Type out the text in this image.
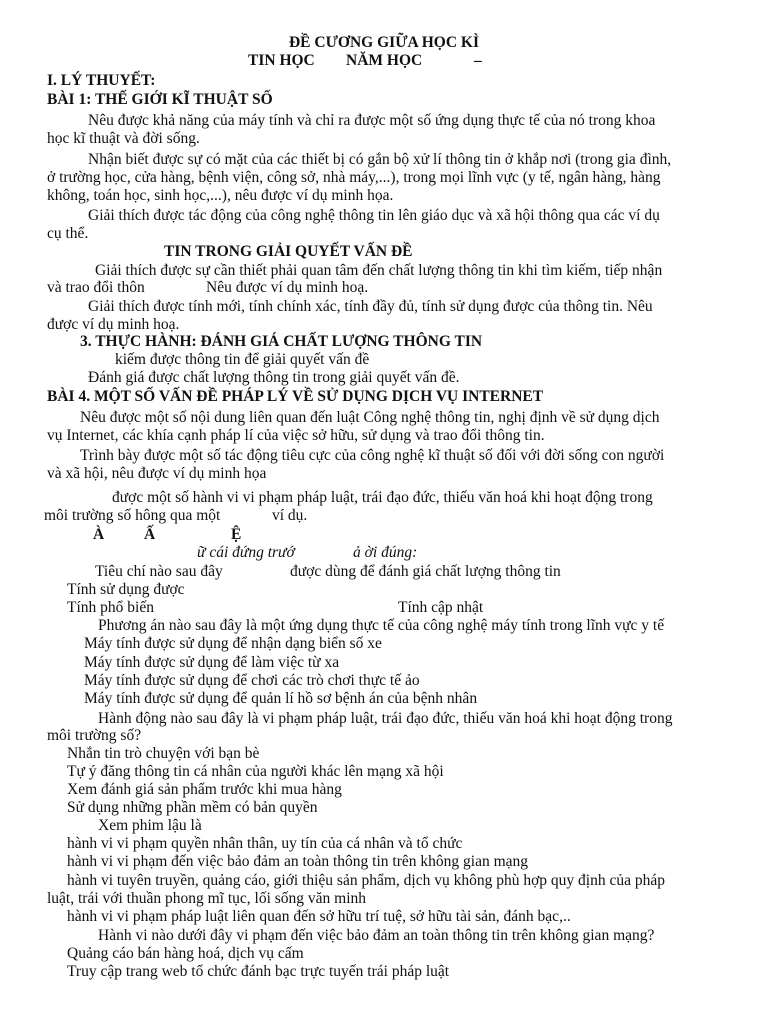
ĐỀ CƯƠNG GIỮA HỌC KÌ
TIN HỌC NĂM HỌC	–
I. LÝ THUYẾT:
BÀI 1: THẾ GIỚI KĨ THUẬT SỐ
Nêu được khả năng của máy tính và chỉ ra được một số ứng dụng thực tế của nó trong khoa
học kĩ thuật và đời sống.
Nhận biết được sự có mặt của các thiết bị có gắn bộ xử lí thông tin ở khắp nơi (trong gia đình,
ở trường học, cửa hàng, bệnh viện, công sở, nhà máy,...), trong mọi lĩnh vực (y tế, ngân hàng, hàng
không, toán học, sinh học,...), nêu được ví dụ minh họa.
Giải thích được tác động của công nghệ thông tin lên giáo dục và xã hội thông qua các ví dụ
cụ thể.
TIN TRONG GIẢI QUYẾT VẤN ĐỀ
Giải thích được sự cần thiết phải quan tâm đến chất lượng thông tin khi tìm kiếm, tiếp nhận
và trao đổi thôn	Nêu được ví dụ minh hoạ.
Giải thích được tính mới, tính chính xác, tính đầy đủ, tính sử dụng được của thông tin. Nêu
được ví dụ minh hoạ.
3. THỰC HÀNH: ĐÁNH GIÁ CHẤT LƯỢNG THÔNG TIN
kiếm được thông tin để giải quyết vấn đề
Đánh giá được chất lượng thông tin trong giải quyết vấn đề.
BÀI 4. MỘT SỐ VẤN ĐỀ PHÁP LÝ VỀ SỬ DỤNG DỊCH VỤ INTERNET
Nêu được một số nội dung liên quan đến luật Công nghệ thông tin, nghị định về sử dụng dịch
vụ Internet, các khía cạnh pháp lí của việc sở hữu, sử dụng và trao đổi thông tin.
Trình bày được một số tác động tiêu cực của công nghệ kĩ thuật số đối với đời sống con người
và xã hội, nêu được ví dụ minh họa
được một số hành vi vi phạm pháp luật, trái đạo đức, thiếu văn hoá khi hoạt động trong
môi trường số hông qua một	ví dụ.
À	Ấ	Ệ
ữ cái đứng trướ	ả ời đúng:
Tiêu chí nào sau đây	được dùng để đánh giá chất lượng thông tin
Tính sử dụng được
Tính phổ biến	Tính cập nhật
Phương án nào sau đây là một ứng dụng thực tế của công nghệ máy tính trong lĩnh vực y tế
Máy tính được sử dụng để nhận dạng biển số xe
Máy tính được sử dụng để làm việc từ xa
Máy tính được sử dụng để chơi các trò chơi thực tế ảo
Máy tính được sử dụng để quản lí hồ sơ bệnh án của bệnh nhân
Hành động nào sau đây là vi phạm pháp luật, trái đạo đức, thiếu văn hoá khi hoạt động trong
môi trường số?
Nhắn tin trò chuyện với bạn bè
Tự ý đăng thông tin cá nhân của người khác lên mạng xã hội
Xem đánh giá sản phẩm trước khi mua hàng
Sử dụng những phần mềm có bản quyền
Xem phim lậu là
hành vi vi phạm quyền nhân thân, uy tín của cá nhân và tổ chức
hành vi vi phạm đến việc bảo đảm an toàn thông tin trên không gian mạng
hành vi tuyên truyền, quảng cáo, giới thiệu sản phẩm, dịch vụ không phù hợp quy định của pháp
luật, trái với thuần phong mĩ tục, lối sống văn minh
hành vi vi phạm pháp luật liên quan đến sở hữu trí tuệ, sở hữu tài sản, đánh bạc,..
Hành vi nào dưới đây vi phạm đến việc bảo đảm an toàn thông tin trên không gian mạng?
Quảng cáo bán hàng hoá, dịch vụ cấm
Truy cập trang web tổ chức đánh bạc trực tuyến trái pháp luật
